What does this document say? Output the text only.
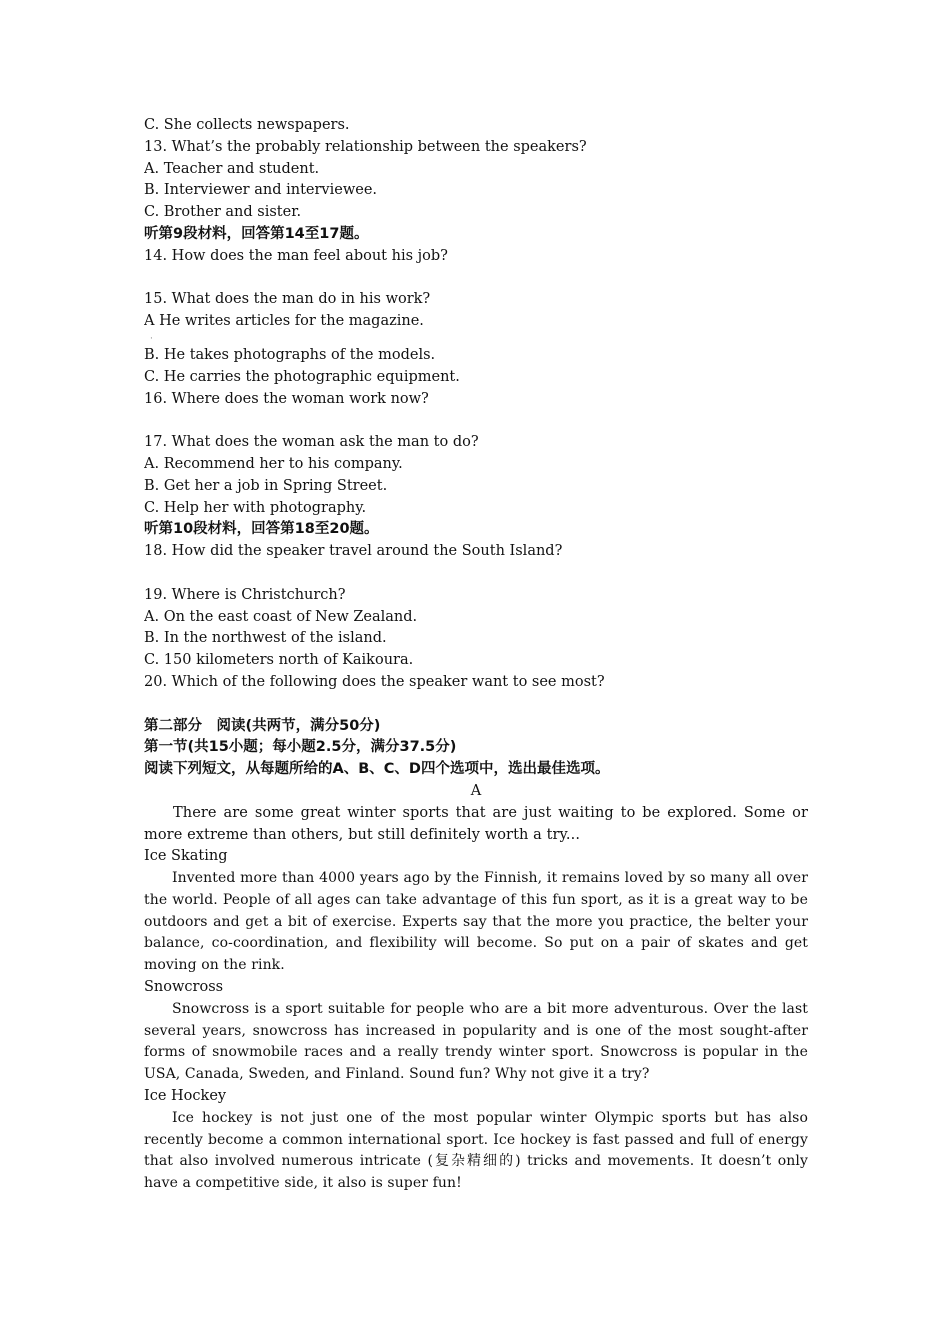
C. She collects newspapers.
13. What’s the probably relationship between the speakers?
A. Teacher and student.
B. Interviewer and interviewee.
C. Brother and sister.
听第9段材料，回答第14至17题。
14. How does the man feel about his job?

15. What does the man do in his work?
A He writes articles for the magazine.
·
B. He takes photographs of the models.
C. He carries the photographic equipment.
16. Where does the woman work now?

17. What does the woman ask the man to do?
A. Recommend her to his company.
B. Get her a job in Spring Street.
C. Help her with photography.
听第10段材料，回答第18至20题。
18. How did the speaker travel around the South Island?

19. Where is Christchurch?
A. On the east coast of New Zealand.
B. In the northwest of the island.
C. 150 kilometers north of Kaikoura.
20. Which of the following does the speaker want to see most?

第二部分　阅读(共两节，满分50分)
第一节(共15小题；每小题2.5分，满分37.5分)
阅读下列短文，从每题所给的A、B、C、D四个选项中，选出最佳选项。
A

There are some great winter sports that are just waiting to be explored. Some or more extreme than others, but still definitely worth a try...

Ice Skating

Invented more than 4000 years ago by the Finnish, it remains loved by so many all over the world. People of all ages can take advantage of this fun sport, as it is a great way to be outdoors and get a bit of exercise. Experts say that the more you practice, the belter your balance, co-coordination, and flexibility will become. So put on a pair of skates and get moving on the rink.

Snowcross

Snowcross is a sport suitable for people who are a bit more adventurous. Over the last several years, snowcross has increased in popularity and is one of the most sought-after forms of snowmobile races and a really trendy winter sport. Snowcross is popular in the USA, Canada, Sweden, and Finland. Sound fun? Why not give it a try?

Ice Hockey

Ice hockey is not just one of the most popular winter Olympic sports but has also recently become a common international sport. Ice hockey is fast passed and full of energy that also involved numerous intricate (复杂精细的) tricks and movements. It doesn’t only have a competitive side, it also is super fun!
